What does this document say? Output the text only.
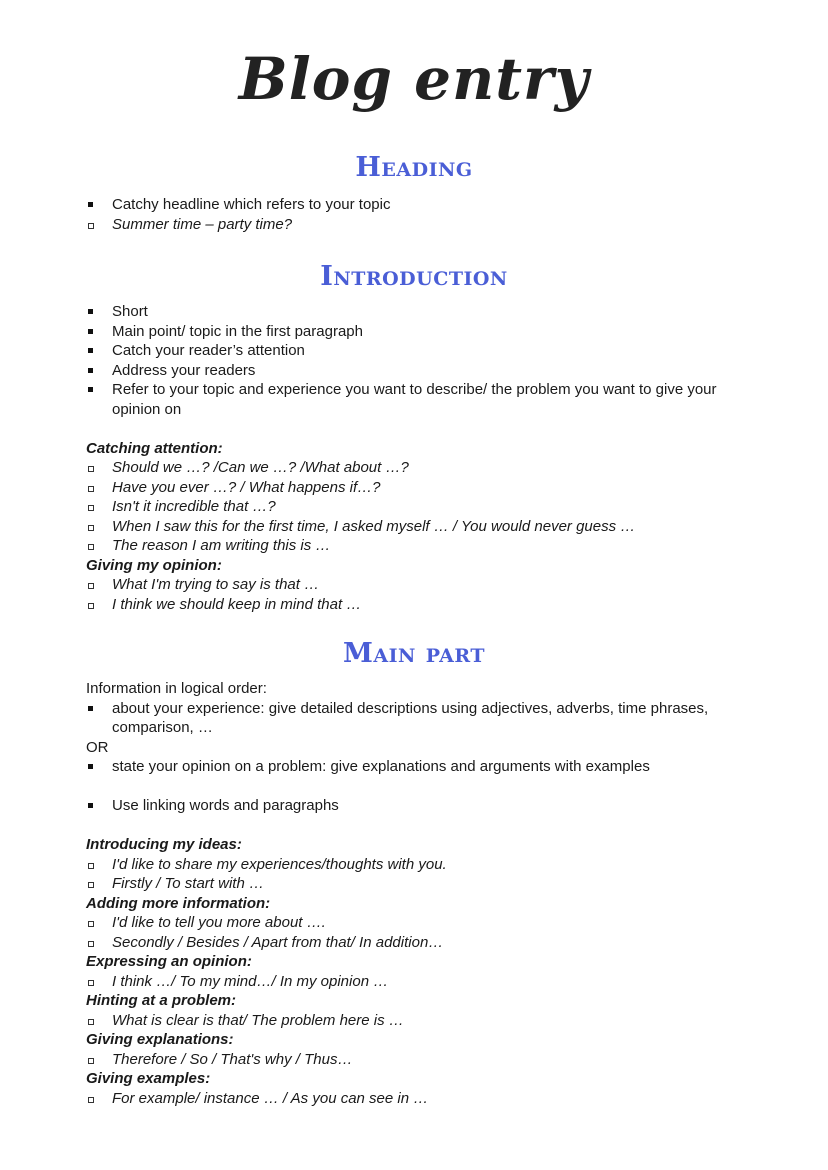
Blog entry
Heading
Catchy headline which refers to your topic
Summer time – party time?
Introduction
Short
Main point/ topic in the first paragraph
Catch your reader’s attention
Address your readers
Refer to your topic and experience you want to describe/ the problem you want to give your opinion on
Catching attention:
Should we …? /Can we …? /What about …?
Have you ever …? / What happens if…?
Isn't it incredible that …?
When I saw this for the first time, I asked myself … / You would never guess …
The reason I am writing this is …
Giving my opinion:
What I'm trying to say is that …
I think we should keep in mind that …
Main part
Information in logical order:
about your experience: give detailed descriptions using adjectives, adverbs, time phrases, comparison, …
OR
state your opinion on a problem: give explanations and arguments with examples
Use linking words and paragraphs
Introducing my ideas:
I'd like to share my experiences/thoughts with you.
Firstly / To start with …
Adding more information:
I'd like to tell you more about ….
Secondly / Besides / Apart from that/ In addition…
Expressing an opinion:
I think …/ To my mind…/ In my opinion …
Hinting at a problem:
What is clear is that/ The problem here is …
Giving explanations:
Therefore / So / That's why / Thus…
Giving examples:
For example/ instance … / As you can see in …
